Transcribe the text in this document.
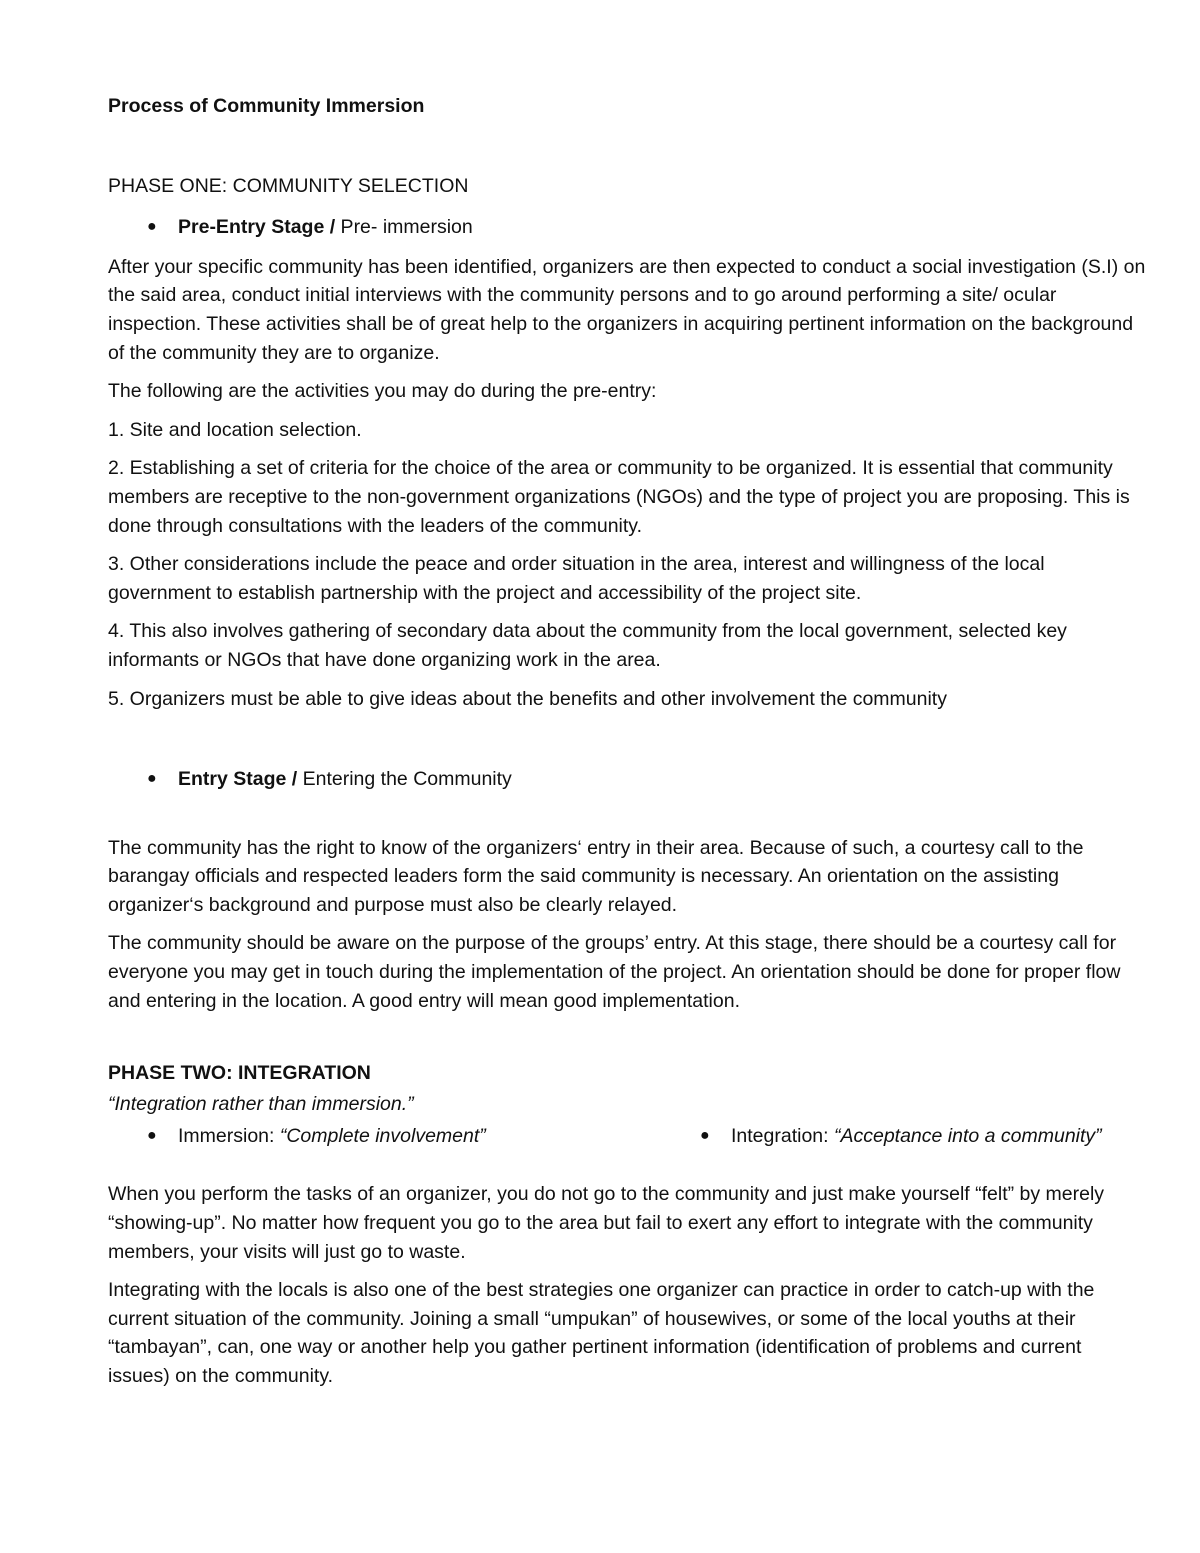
Process of Community Immersion

PHASE ONE: COMMUNITY SELECTION

● Pre-Entry Stage / Pre- immersion

After your specific community has been identified, organizers are then expected to conduct a social investigation (S.I) on the said area, conduct initial interviews with the community persons and to go around performing a site/ ocular inspection. These activities shall be of great help to the organizers in acquiring pertinent information on the background of the community they are to organize.

The following are the activities you may do during the pre-entry:

1. Site and location selection.

2. Establishing a set of criteria for the choice of the area or community to be organized. It is essential that community members are receptive to the non-government organizations (NGOs) and the type of project you are proposing. This is done through consultations with the leaders of the community.

3. Other considerations include the peace and order situation in the area, interest and willingness of the local government to establish partnership with the project and accessibility of the project site.

4. This also involves gathering of secondary data about the community from the local government, selected key informants or NGOs that have done organizing work in the area.

5. Organizers must be able to give ideas about the benefits and other involvement the community

● Entry Stage / Entering the Community

The community has the right to know of the organizers‘ entry in their area. Because of such, a courtesy call to the barangay officials and respected leaders form the said community is necessary. An orientation on the assisting organizer‘s background and purpose must also be clearly relayed.

The community should be aware on the purpose of the groups’ entry. At this stage, there should be a courtesy call for everyone you may get in touch during the implementation of the project. An orientation should be done for proper flow and entering in the location. A good entry will mean good implementation.

PHASE TWO: INTEGRATION

“Integration rather than immersion.”

● Immersion: “Complete involvement”	● Integration: “Acceptance into a community”

When you perform the tasks of an organizer, you do not go to the community and just make yourself “felt” by merely “showing-up”. No matter how frequent you go to the area but fail to exert any effort to integrate with the community members, your visits will just go to waste.

Integrating with the locals is also one of the best strategies one organizer can practice in order to catch-up with the current situation of the community. Joining a small “umpukan” of housewives, or some of the local youths at their “tambayan”, can, one way or another help you gather pertinent information (identification of problems and current issues) on the community.
